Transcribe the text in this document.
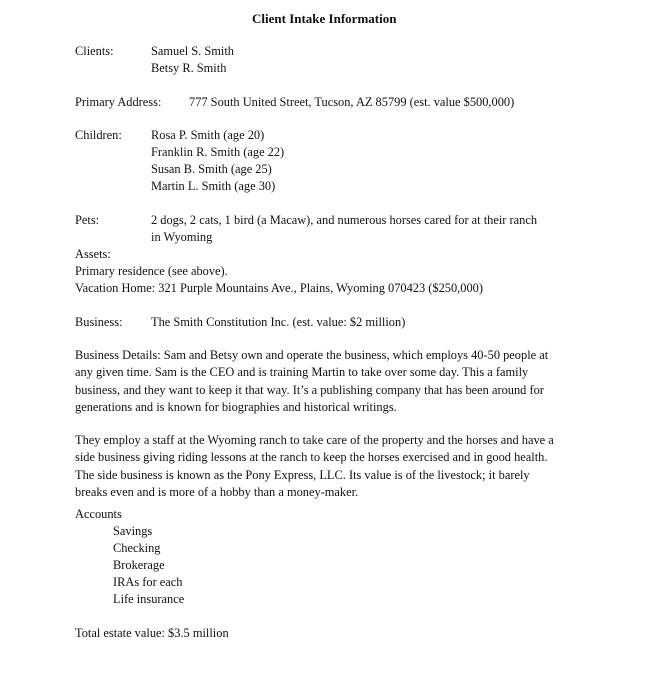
Client Intake Information
Clients:	Samuel S. Smith
Betsy R. Smith
Primary Address: 777 South United Street, Tucson, AZ 85799 (est. value $500,000)
Children: Rosa P. Smith (age 20)
Franklin R. Smith (age 22)
Susan B. Smith (age 25)
Martin L. Smith (age 30)
Pets:	2 dogs, 2 cats, 1 bird (a Macaw), and numerous horses cared for at their ranch
in Wyoming
Assets:
Primary residence (see above).
Vacation Home: 321 Purple Mountains Ave., Plains, Wyoming 070423 ($250,000)
Business: The Smith Constitution Inc. (est. value: $2 million)
Business Details: Sam and Betsy own and operate the business, which employs 40-50 people at
any given time. Sam is the CEO and is training Martin to take over some day. This a family
business, and they want to keep it that way. It’s a publishing company that has been around for
generations and is known for biographies and historical writings.
They employ a staff at the Wyoming ranch to take care of the property and the horses and have a
side business giving riding lessons at the ranch to keep the horses exercised and in good health.
The side business is known as the Pony Express, LLC. Its value is of the livestock; it barely
breaks even and is more of a hobby than a money-maker.
Accounts
Savings
Checking
Brokerage
IRAs for each
Life insurance
Total estate value: $3.5 million
